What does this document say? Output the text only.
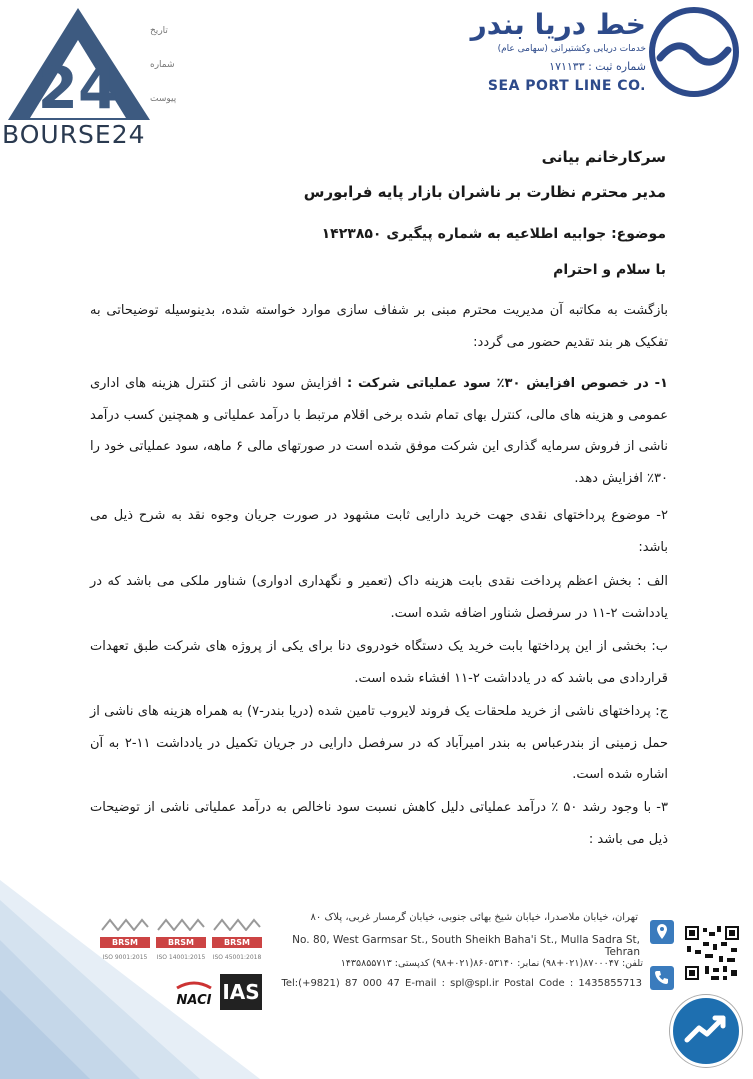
24
BOURSE24
تاریخ
شماره
پیوست
خط دریا بندر
خدمات دریایی وکشتیرانی (سهامی عام)
شماره ثبت : ۱۷۱۱۳۳
SEA PORT LINE CO.
سرکارخانم بیانی
مدیر محترم نظارت بر ناشران بازار پایه فرابورس
موضوع: جوابیه اطلاعیه به شماره پیگیری ۱۴۲۳۸۵۰
با سلام و احترام
بازگشت به مکاتبه آن مدیریت محترم مبنی بر شفاف سازی موارد خواسته شده، بدینوسیله توضیحاتی به تفکیک هر بند تقدیم حضور می گردد:
۱- در خصوص افزایش ۳۰٪ سود عملیاتی شرکت : افزایش سود ناشی از کنترل هزینه های اداری عمومی و هزینه های مالی، کنترل بهای تمام شده برخی اقلام مرتبط با درآمد عملیاتی و همچنین کسب درآمد ناشی از فروش سرمایه گذاری این شرکت موفق شده است در صورتهای مالی ۶ ماهه، سود عملیاتی خود را ۳۰٪ افزایش دهد.
۲- موضوع پرداختهای نقدی جهت خرید دارایی ثابت مشهود در صورت جریان وجوه نقد به شرح ذیل می باشد:
الف : بخش اعظم پرداخت نقدی بابت هزینه داک (تعمیر و نگهداری ادواری) شناور ملکی می باشد که در یادداشت ۲-۱۱ در سرفصل شناور اضافه شده است.
ب: بخشی از این پرداختها بابت خرید یک دستگاه خودروی دنا برای یکی از پروژه های شرکت طبق تعهدات قراردادی می باشد که در یادداشت ۲-۱۱ افشاء شده است.
ج: پرداختهای ناشی از خرید ملحقات یک فروند لایروب تامین شده (دریا بندر-۷) به همراه هزینه های ناشی از حمل زمینی از بندرعباس به بندر امیرآباد که در سرفصل دارایی در جریان تکمیل در یادداشت ۱۱-۲ به آن اشاره شده است.
۳- با وجود رشد ۵۰ ٪ درآمد عملیاتی دلیل کاهش نسبت سود ناخالص به درآمد عملیاتی ناشی از توضیحات ذیل می باشد :
تهران، خیابان ملاصدرا، خیابان شیخ بهائی جنوبی، خیابان گرمسار غربی، پلاک ۸۰
No. 80, West Garmsar St., South Sheikh Baha'i St., Mulla Sadra St, Tehran
تلفن: ۸۷۰۰۰۴۷(۰۲۱+۹۸) نمابر: ۸۶۰۵۳۱۴۰(۰۲۱+۹۸) کدپستی: ۱۴۳۵۸۵۵۷۱۳
Tel:(+9821) 87 000 47 E-mail : spl@spl.ir Postal Code : 1435855713
BRSM
ISO 9001:2015
BRSM
ISO 14001:2015
BRSM
ISO 45001:2018
NACI IAS
